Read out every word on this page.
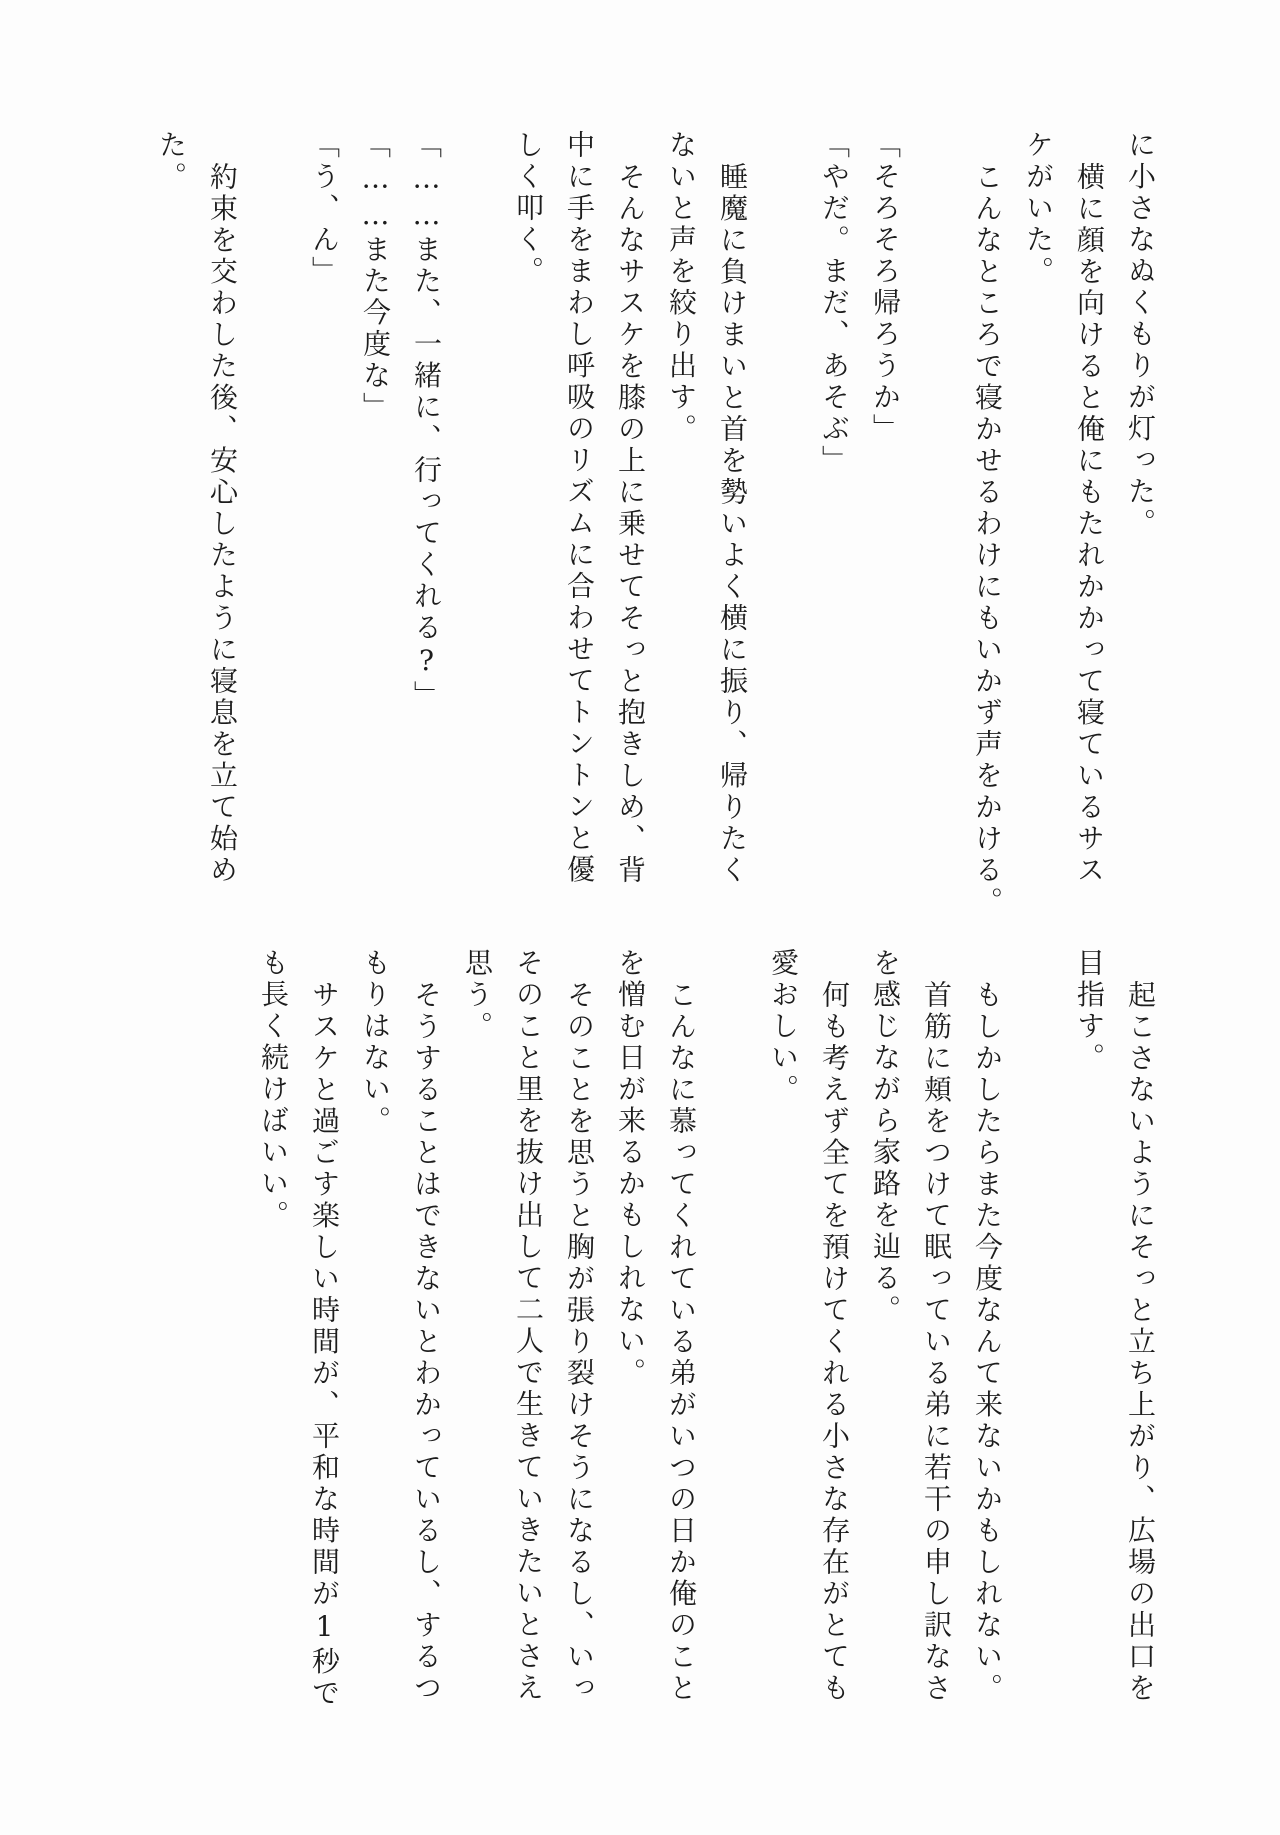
に小さなぬくもりが灯った。
横に顔を向けると俺にもたれかかって寝ているサス
ケがいた。
こんなところで寝かせるわけにもいかず声をかける。
「そろそろ帰ろうか」
「やだ。まだ、あそぶ」
睡魔に負けまいと首を勢いよく横に振り、帰りたく
ないと声を絞り出す。
そんなサスケを膝の上に乗せてそっと抱きしめ、背
中に手をまわし呼吸のリズムに合わせてトントンと優
しく叩く。
「……また、一緒に、行ってくれる?」
「……また今度な」
「う、ん」
約束を交わした後、安心したように寝息を立て始め
た。
起こさないようにそっと立ち上がり、広場の出口を
目指す。
もしかしたらまた今度なんて来ないかもしれない。
首筋に頬をつけて眠っている弟に若干の申し訳なさ
を感じながら家路を辿る。
何も考えず全てを預けてくれる小さな存在がとても
愛おしい。
こんなに慕ってくれている弟がいつの日か俺のこと
を憎む日が来るかもしれない。
そのことを思うと胸が張り裂けそうになるし、いっ
そのこと里を抜け出して二人で生きていきたいとさえ
思う。
そうすることはできないとわかっているし、するつ
もりはない。
サスケと過ごす楽しい時間が、平和な時間が1秒で
も長く続けばいい。
